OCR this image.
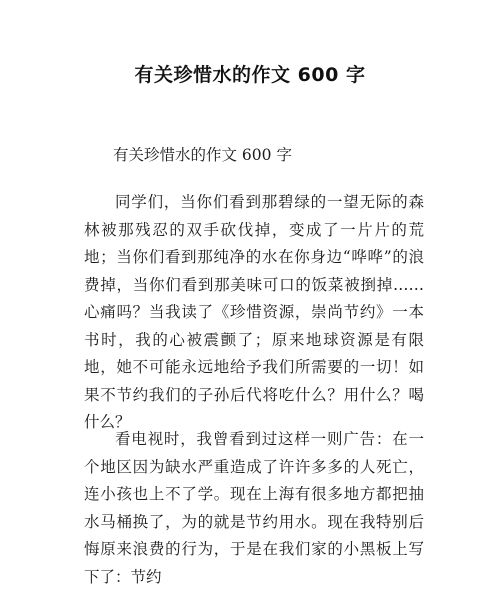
有关珍惜水的作文 600 字
有关珍惜水的作文 600 字

同学们，当你们看到那碧绿的一望无际的森林被那残忍的双手砍伐掉，变成了一片片的荒地；当你们看到那纯净的水在你身边“哗哗”的浪费掉，当你们看到那美味可口的饭菜被捯掉……心痛吗？当我读了《珍惜资源，崇尚节约》一本书时，我的心被震颤了；原来地球资源是有限地，她不可能永远地给予我们所需要的一切！如果不节约我们的子孙后代将吃什么？用什么？喝什么？

看电视时，我曾看到过这样一则广告：在一个地区因为缺水严重造成了许许多多的人死亡，连小孩也上不了学。现在上海有很多地方都把抽水马桶换了，为的就是节约用水。现在我特别后悔原来浪费的行为，于是在我们家的小黑板上写下了：节约
